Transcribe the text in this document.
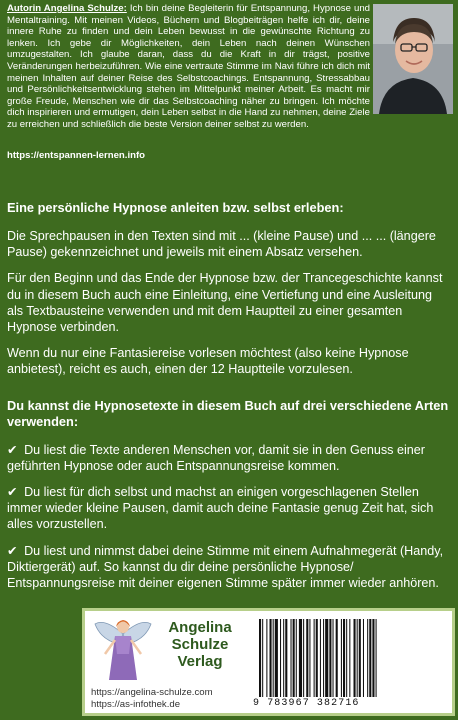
Autorin Angelina Schulze: Ich bin deine Begleiterin für Entspannung, Hypnose und Mentaltraining. Mit meinen Videos, Büchern und Blogbeiträgen helfe ich dir, deine innere Ruhe zu finden und dein Leben bewusst in die gewünschte Richtung zu lenken. Ich gebe dir Möglichkeiten, dein Leben nach deinen Wünschen umzugestalten. Ich glaube daran, dass du die Kraft in dir trägst, positive Veränderungen herbeizuführen. Wie eine vertraute Stimme im Navi führe ich dich mit meinen Inhalten auf deiner Reise des Selbstcoachings. Entspannung, Stressabbau und Persönlichkeitsentwicklung stehen im Mittelpunkt meiner Arbeit. Es macht mir große Freude, Menschen wie dir das Selbstcoaching näher zu bringen. Ich möchte dich inspirieren und ermutigen, dein Leben selbst in die Hand zu nehmen, deine Ziele zu erreichen und schließlich die beste Version deiner selbst zu werden.
https://entspannen-lernen.info
Eine persönliche Hypnose anleiten bzw. selbst erleben:

Die Sprechpausen in den Texten sind mit ... (kleine Pause) und ... ... (längere Pause) gekennzeichnet und jeweils mit einem Absatz versehen.

Für den Beginn und das Ende der Hypnose bzw. der Trancegeschichte kannst du in diesem Buch auch eine Einleitung, eine Vertiefung und eine Ausleitung als Textbausteine verwenden und mit dem Hauptteil zu einer gesamten Hypnose verbinden.

Wenn du nur eine Fantasiereise vorlesen möchtest (also keine Hypnose anbietest), reicht es auch, einen der 12 Hauptteile vorzulesen.

Du kannst die Hypnosetexte in diesem Buch auf drei verschiedene Arten verwenden:

✔ Du liest die Texte anderen Menschen vor, damit sie in den Genuss einer geführten Hypnose oder auch Entspannungsreise kommen.

✔ Du liest für dich selbst und machst an einigen vorgeschlagenen Stellen immer wieder kleine Pausen, damit auch deine Fantasie genug Zeit hat, sich alles vorzustellen.

✔ Du liest und nimmst dabei deine Stimme mit einem Aufnahmegerät (Handy, Diktiergerät) auf. So kannst du dir deine persönliche Hypnose/ Entspannungsreise mit deiner eigenen Stimme später immer wieder anhören.

Angelina
Schulze
Verlag
https://angelina-schulze.com
https://as-infothek.de	9 783967 382716
